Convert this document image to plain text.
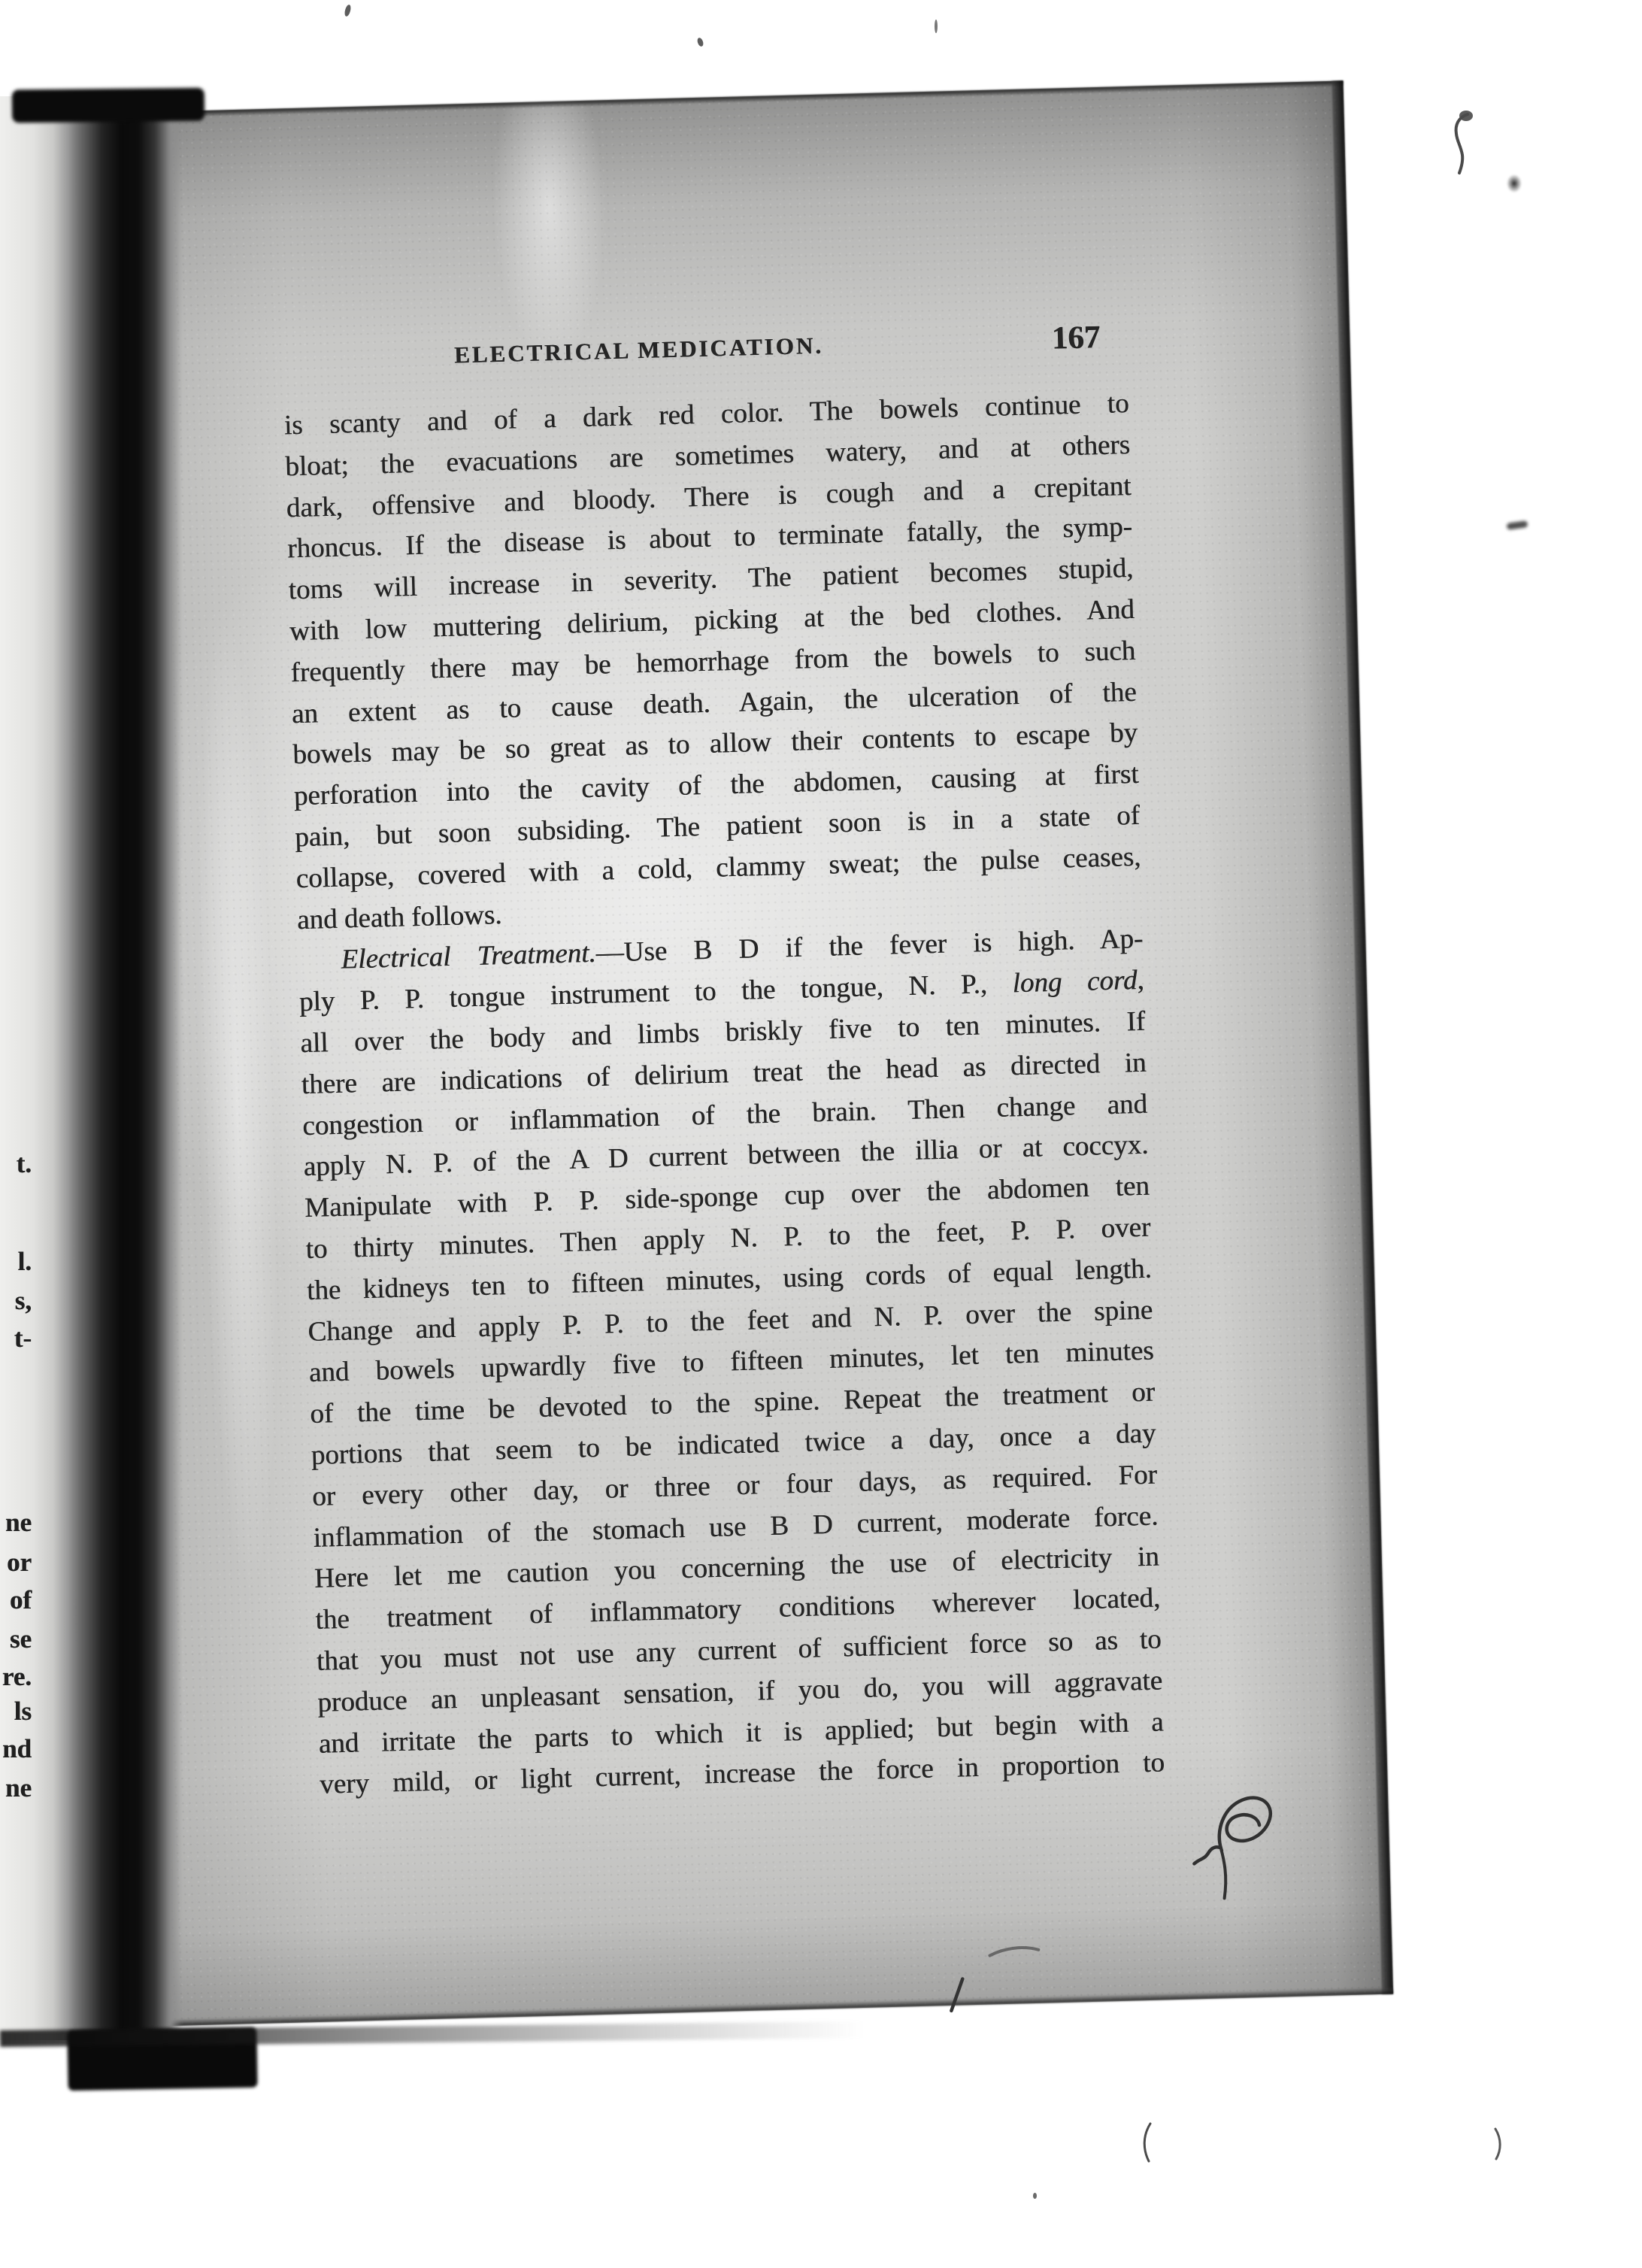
ELECTRICAL MEDICATION.	167
is scanty and of a dark red color. The bowels continue to
bloat; the evacuations are sometimes watery, and at others
dark, offensive and bloody. There is cough and a crepitant
rhoncus. If the disease is about to terminate fatally, the symp-
toms will increase in severity. The patient becomes stupid,
with low muttering delirium, picking at the bed clothes. And
frequently there may be hemorrhage from the bowels to such
an extent as to cause death. Again, the ulceration of the
bowels may be so great as to allow their contents to escape by
perforation into the cavity of the abdomen, causing at first
pain, but soon subsiding. The patient soon is in a state of
collapse, covered with a cold, clammy sweat; the pulse ceases,
and death follows.
Electrical Treatment.—Use B D if the fever is high. Ap-
ply P. P. tongue instrument to the tongue, N. P., long cord,
all over the body and limbs briskly five to ten minutes. If
there are indications of delirium treat the head as directed in
congestion or inflammation of the brain. Then change and
apply N. P. of the A D current between the illia or at coccyx.
Manipulate with P. P. side-sponge cup over the abdomen ten
to thirty minutes. Then apply N. P. to the feet, P. P. over
the kidneys ten to fifteen minutes, using cords of equal length.
Change and apply P. P. to the feet and N. P. over the spine
and bowels upwardly five to fifteen minutes, let ten minutes
of the time be devoted to the spine. Repeat the treatment or
portions that seem to be indicated twice a day, once a day
or every other day, or three or four days, as required. For
inflammation of the stomach use B D current, moderate force.
Here let me caution you concerning the use of electricity in
the treatment of inflammatory conditions wherever located,
that you must not use any current of sufficient force so as to
produce an unpleasant sensation, if you do, you will aggravate
and irritate the parts to which it is applied; but begin with a
very mild, or light current, increase the force in proportion to
t.
l.
s,
t-
ne
or
of
se
re.
ls
nd
ne
